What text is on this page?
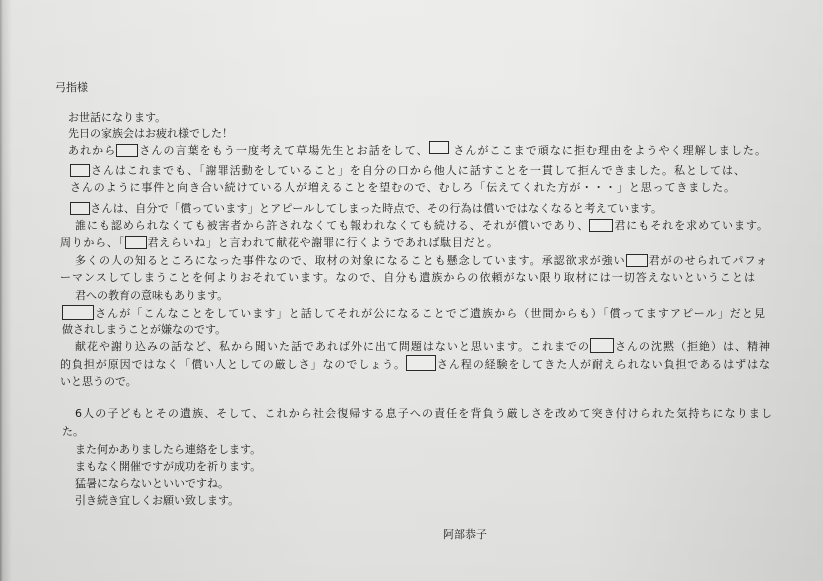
弓指様
お世話になります。
先日の家族会はお疲れ様でした！
あれから さんの言葉をもう一度考えて草場先生とお話をして、 さんがここまで頑なに拒む理由をようやく理解しました。
さんはこれまでも、「謝罪活動をしていること」を自分の口から他人に話すことを一貫して拒んできました。私としては、
さんのように事件と向き合い続けている人が増えることを望むので、むしろ「伝えてくれた方が・・・」と思ってきました。
さんは、自分で「償っています」とアピールしてしまった時点で、その行為は償いではなくなると考えています。
誰にも認められなくても被害者から許されなくても報われなくても続ける、それが償いであり、 君にもそれを求めています。
周りから、「 君えらいね」と言われて献花や謝罪に行くようであれば駄目だと。
多くの人の知るところになった事件なので、取材の対象になることも懸念しています。承認欲求が強い 君がのせられてパフォ
ーマンスしてしまうことを何よりおそれています。なので、自分も遺族からの依頼がない限り取材には一切答えないということは
君への教育の意味もあります。
さんが「こんなことをしています」と話してそれが公になることでご遺族から（世間からも）「償ってますアピール」だと見
做されしまうことが嫌なのです。
献花や謝り込みの話など、私から聞いた話であれば外に出て問題はないと思います。これまでの さんの沈黙（拒絶）は、精神
的負担が原因ではなく「償い人としての厳しさ」なのでしょう。	さん程の経験をしてきた人が耐えられない負担であるはずはな
いと思うので。
6人の子どもとその遺族、そして、これから社会復帰する息子への責任を背負う厳しさを改めて突き付けられた気持ちになりまし
た。
また何かありましたら連絡をします。
まもなく開催ですが成功を祈ります。
猛暑にならないといいですね。
引き続き宜しくお願い致します。
阿部恭子
